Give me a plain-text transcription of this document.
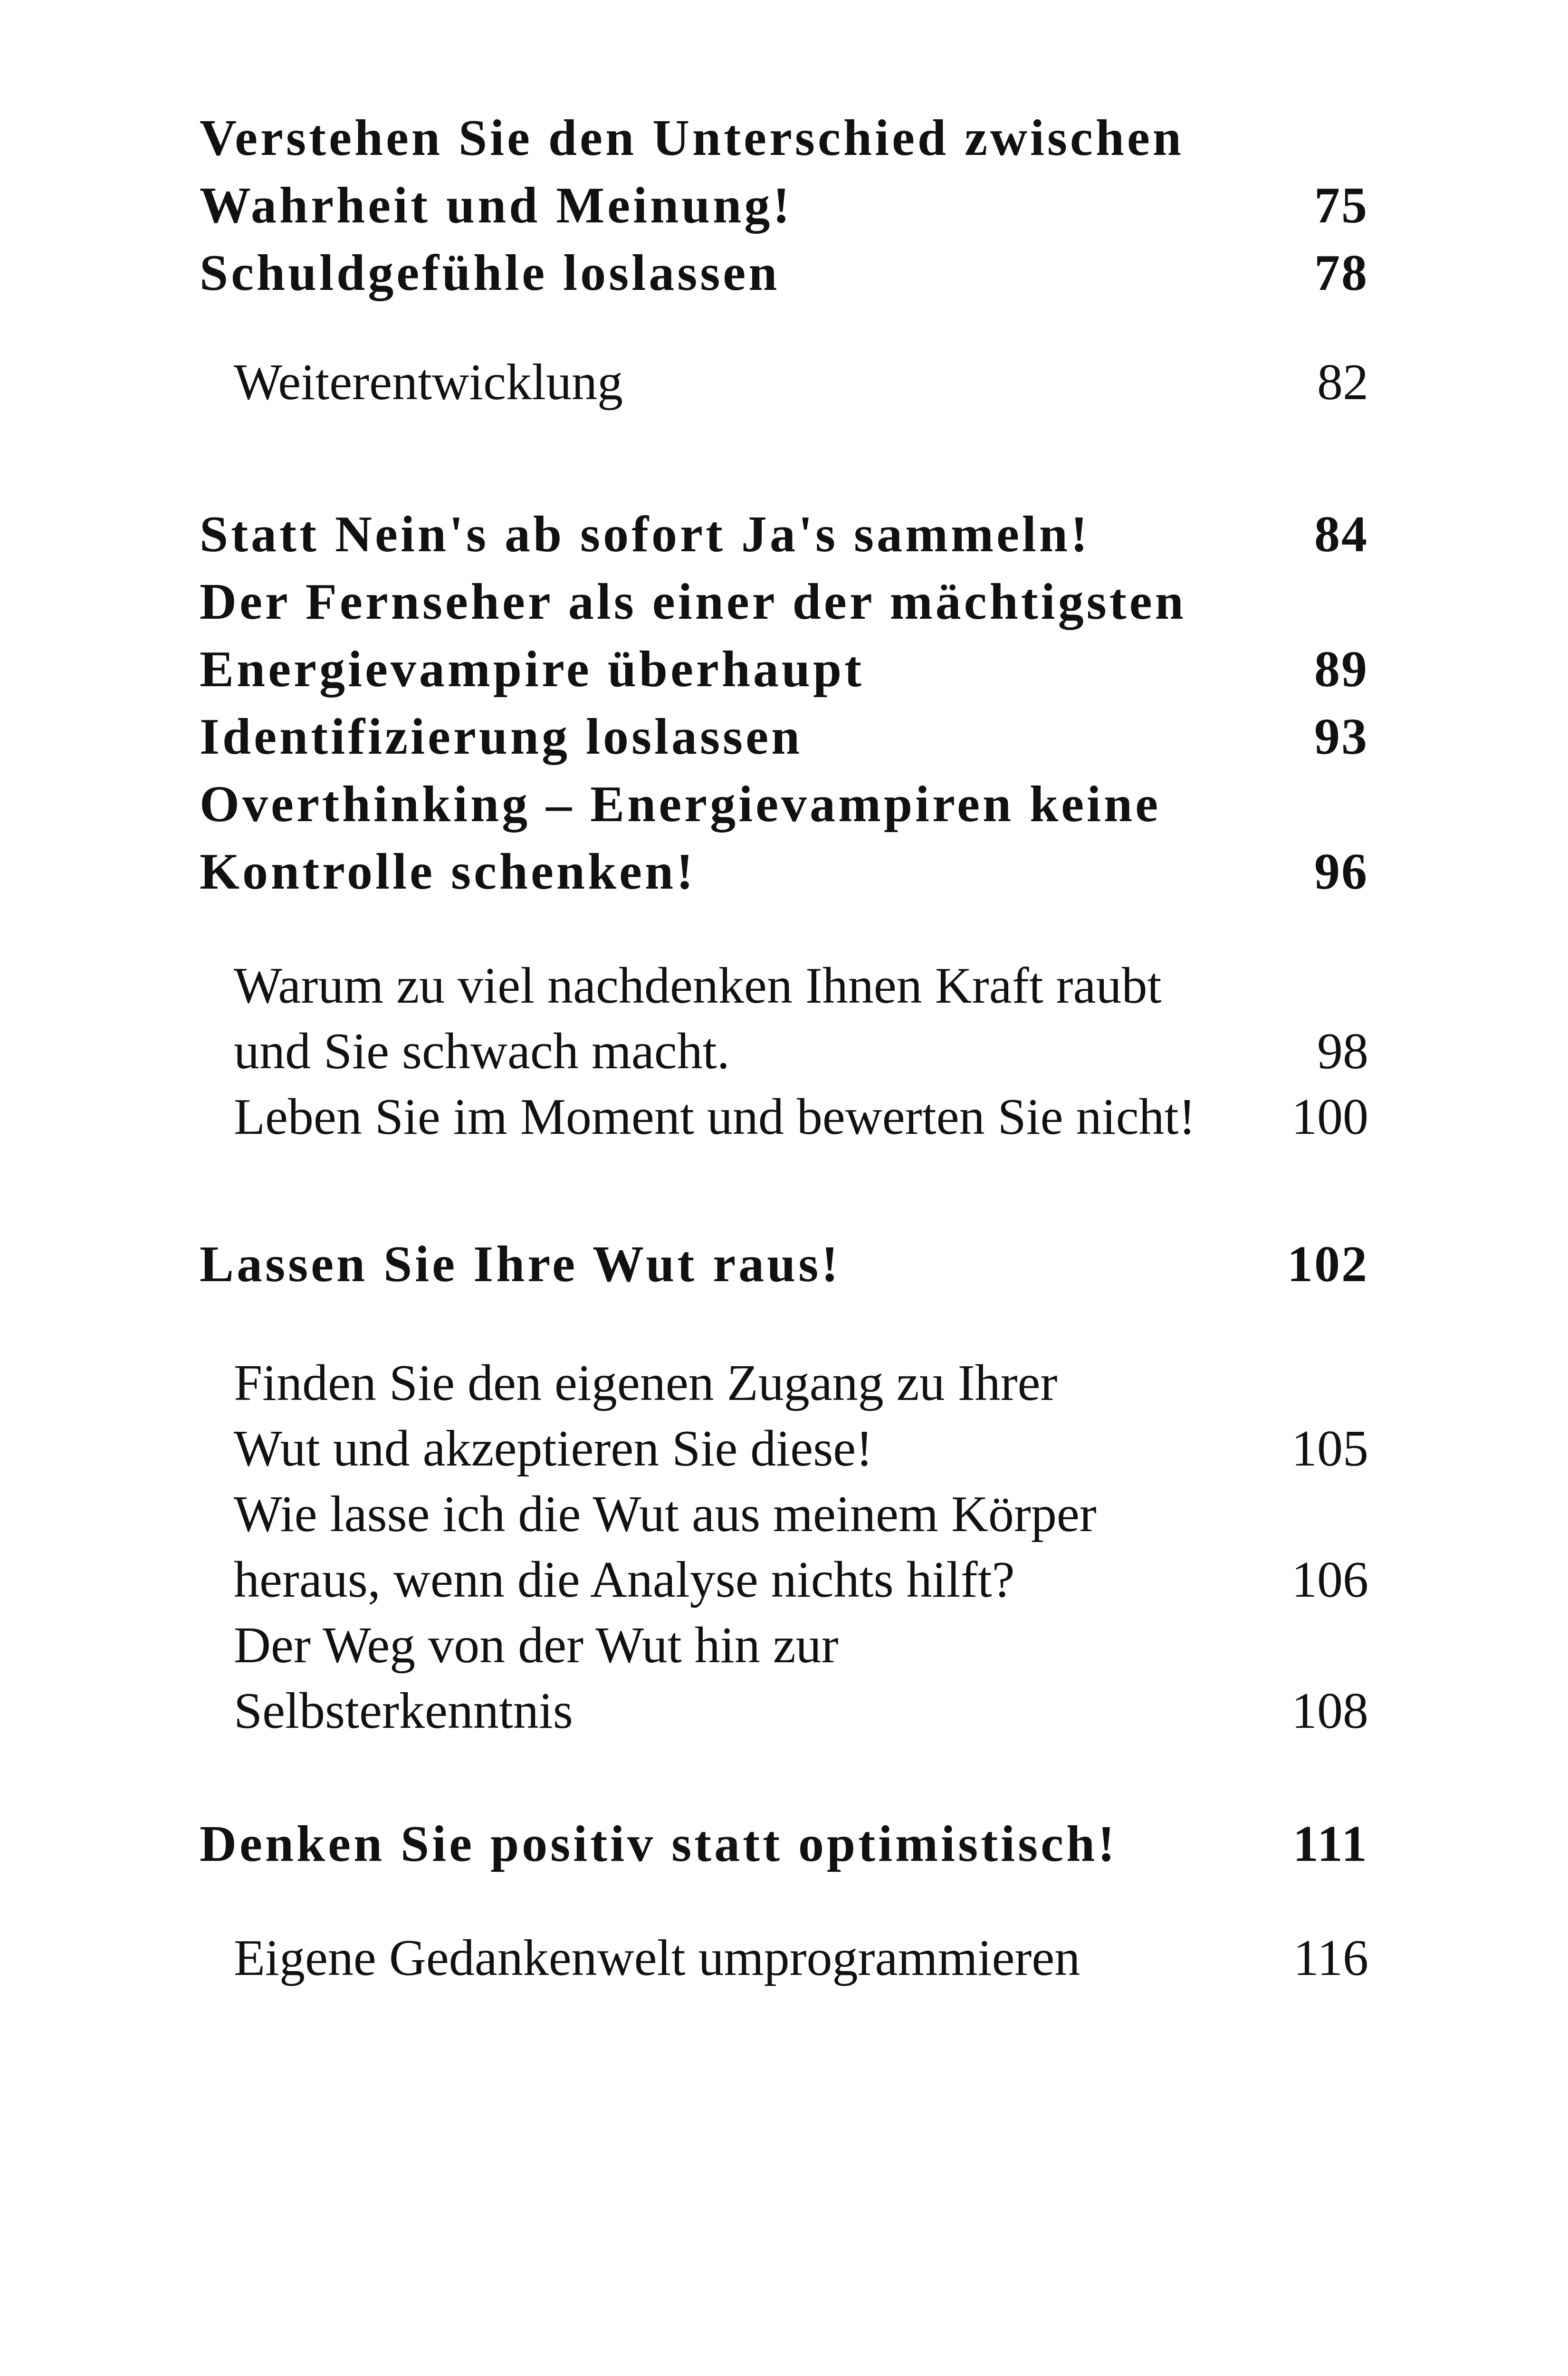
Verstehen Sie den Unterschied zwischen
Wahrheit und Meinung!	75
Schuldgefühle loslassen	78
Weiterentwicklung	82
Statt Nein's ab sofort Ja's sammeln!	84
Der Fernseher als einer der mächtigsten
Energievampire überhaupt	89
Identifizierung loslassen	93
Overthinking – Energievampiren keine
Kontrolle schenken!	96
Warum zu viel nachdenken Ihnen Kraft raubt
und Sie schwach macht.	98
Leben Sie im Moment und bewerten Sie nicht! 100
Lassen Sie Ihre Wut raus!	102
Finden Sie den eigenen Zugang zu Ihrer
Wut und akzeptieren Sie diese!	105
Wie lasse ich die Wut aus meinem Körper
heraus, wenn die Analyse nichts hilft?	106
Der Weg von der Wut hin zur
Selbsterkenntnis	108
Denken Sie positiv statt optimistisch!	111
Eigene Gedankenwelt umprogrammieren	116
